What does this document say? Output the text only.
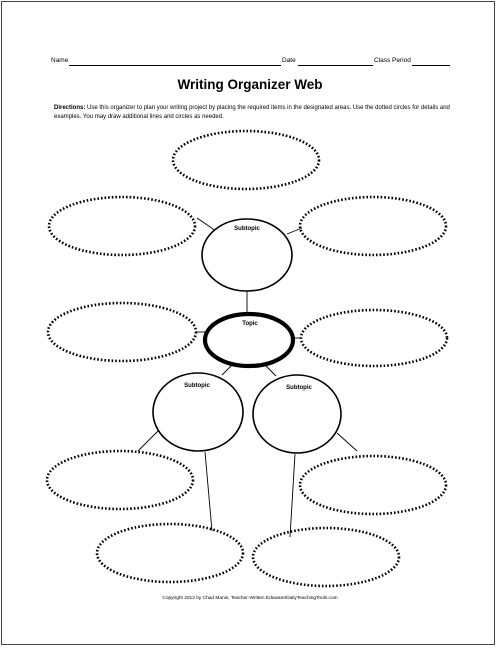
Name	Date	Class Period
Writing Organizer Web
Directions: Use this organizer to plan your writing project by placing the required items in the designated areas. Use the dotted circles for details and examples. You may draw additional lines and circles as needed.
Subtopic
Topic
Subtopic	Subtopic
Copyright 2012 by Chad Manis, Teacher-Written Eduware/DailyTeachingTools.com
